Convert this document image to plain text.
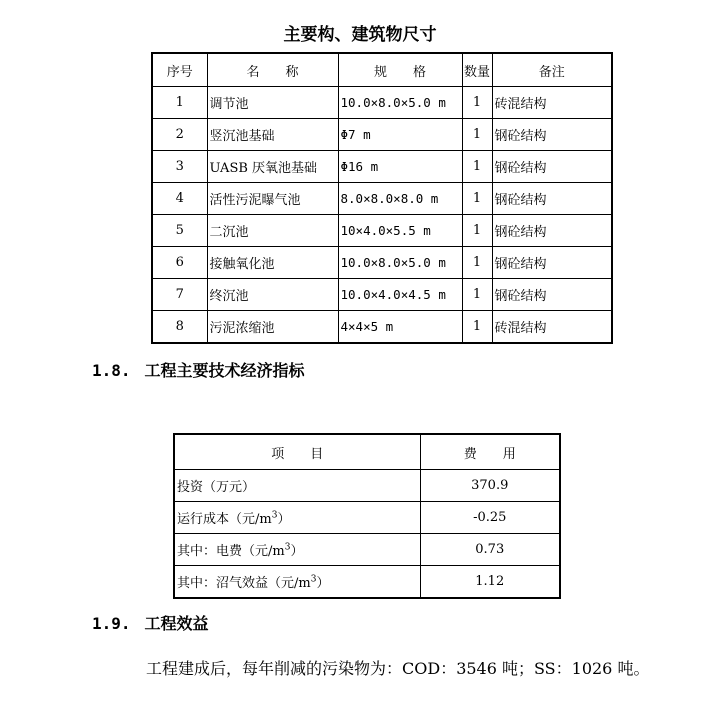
主要构、建筑物尺寸
序号	名　　称	规　　格	数量	备注
1	调节池	10.0×8.0×5.0 m	1	砖混结构
2	竖沉池基础	Φ7 m	1	钢砼结构
3	UASB 厌氧池基础	Φ16 m	1	钢砼结构
4	活性污泥曝气池	8.0×8.0×8.0 m	1	钢砼结构
5	二沉池	10×4.0×5.5 m	1	钢砼结构
6	接触氧化池	10.0×8.0×5.0 m	1	钢砼结构
7	终沉池	10.0×4.0×4.5 m	1	钢砼结构
8	污泥浓缩池	4×4×5 m	1	砖混结构
1.8. 工程主要技术经济指标
项　　目	费　　用
投资（万元）	370.9
运行成本（元$/m^3$）	-0.25
其中：电费（元$/m^3$）	0.73
其中：沼气效益（元$/m^3$）	1.12
1.9. 工程效益
工程建成后，每年削减的污染物为：COD：3546 吨；SS：1026 吨。
